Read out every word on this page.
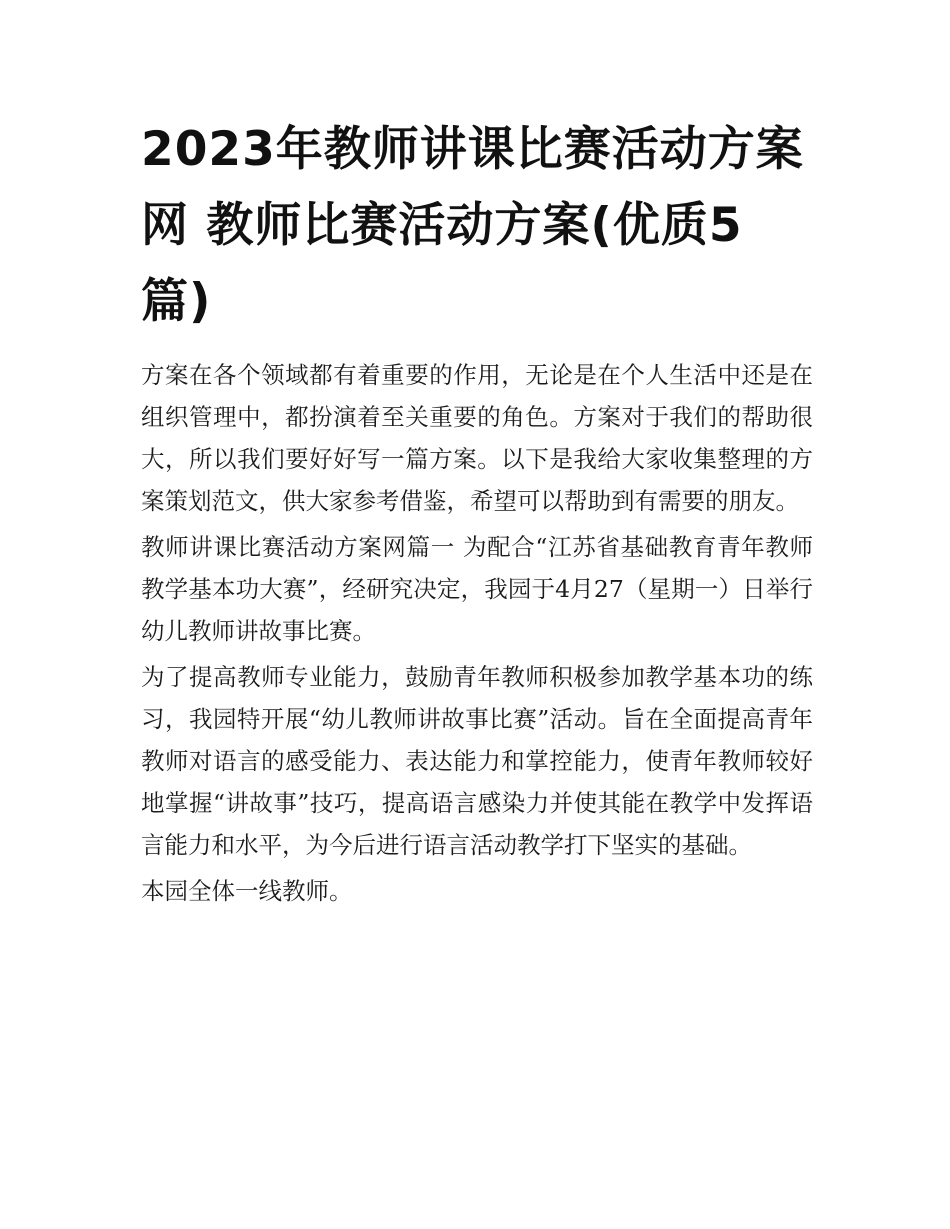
2023年教师讲课比赛活动方案网 教师比赛活动方案(优质5篇)

方案在各个领域都有着重要的作用，无论是在个人生活中还是在组织管理中，都扮演着至关重要的角色。方案对于我们的帮助很大，所以我们要好好写一篇方案。以下是我给大家收集整理的方案策划范文，供大家参考借鉴，希望可以帮助到有需要的朋友。

教师讲课比赛活动方案网篇一 为配合“江苏省基础教育青年教师教学基本功大赛”，经研究决定，我园于4月27（星期一）日举行幼儿教师讲故事比赛。

为了提高教师专业能力，鼓励青年教师积极参加教学基本功的练习，我园特开展“幼儿教师讲故事比赛”活动。旨在全面提高青年教师对语言的感受能力、表达能力和掌控能力，使青年教师较好地掌握“讲故事”技巧，提高语言感染力并使其能在教学中发挥语言能力和水平，为今后进行语言活动教学打下坚实的基础。

本园全体一线教师。
